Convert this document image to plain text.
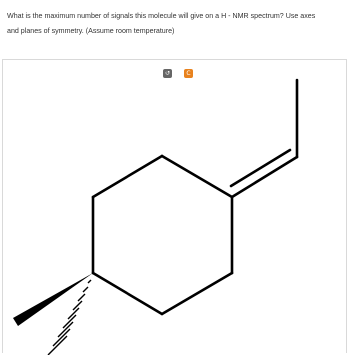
What is the maximum number of signals this molecule will give on a H - NMR spectrum? Use axes
and planes of symmetry. (Assume room temperature)
↺	C
